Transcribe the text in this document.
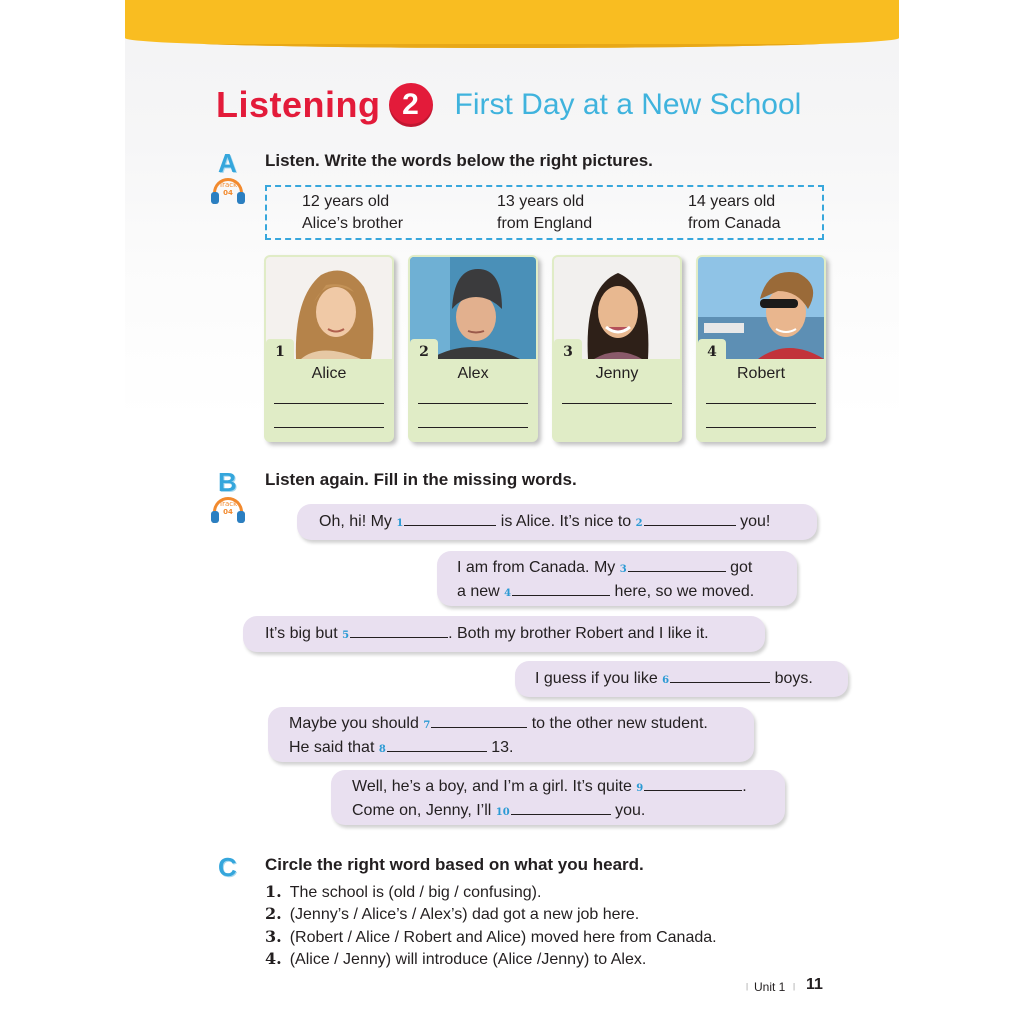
Listening 2	First Day at a New School
A Listen. Write the words below the right pictures.
Track
04	12 years old	13 years old	14 years old
Alice’s brother	from England	from Canada
1
Alice
2
Alex
3
Jenny
4
Robert
B Listen again. Fill in the missing words.
Track
04
Oh, hi! My 1	is Alice. It’s nice to 2	you!
I am from Canada. My 3	got
a new 4	here, so we moved.
It’s big but 5	. Both my brother Robert and I like it.
I guess if you like 6	boys.
Maybe you should 7	to the other new student.
He said that 8	13.
Well, he’s a boy, and I’m a girl. It’s quite 9	.
Come on, Jenny, I’ll 10	you.
C Circle the right word based on what you heard.
1. The school is (old / big / confusing).
2. (Jenny’s / Alice’s / Alex’s) dad got a new job here.
3. (Robert / Alice / Robert and Alice) moved here from Canada.
4. (Alice / Jenny) will introduce (Alice /Jenny) to Alex.
| Unit 1 | 11
